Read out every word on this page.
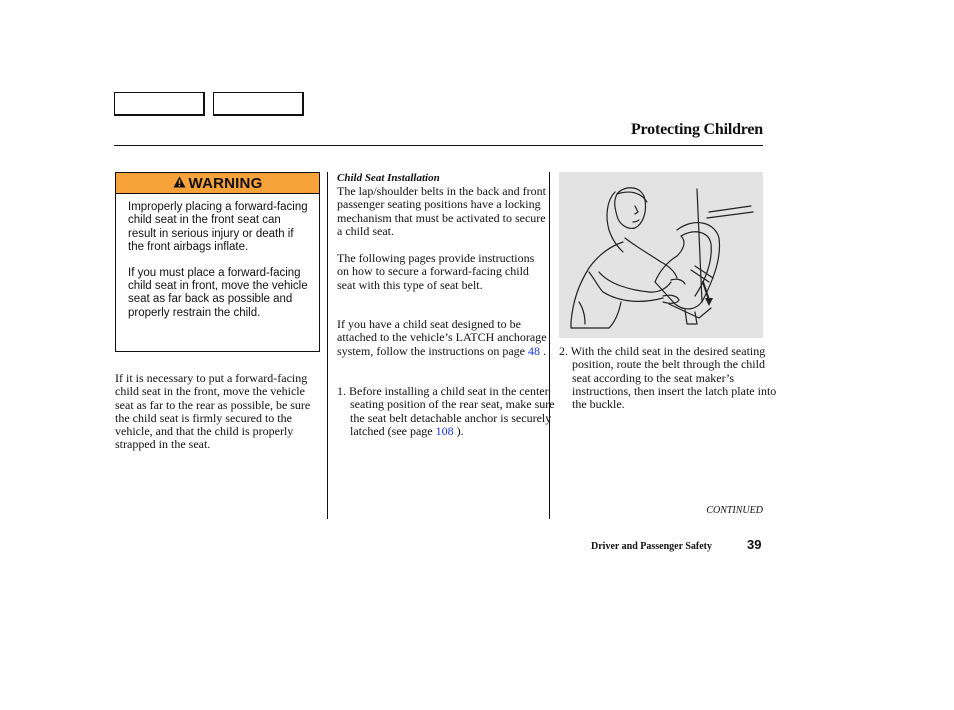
Protecting Children
WARNING

Improperly placing a forward-facing child seat in the front seat can result in serious injury or death if the front airbags inflate.

If you must place a forward-facing child seat in front, move the vehicle seat as far back as possible and properly restrain the child.

If it is necessary to put a forward-facing child seat in the front, move the vehicle seat as far to the rear as possible, be sure the child seat is firmly secured to the vehicle, and that the child is properly strapped in the seat.

Child Seat Installation

The lap/shoulder belts in the back and front passenger seating positions have a locking mechanism that must be activated to secure a child seat.

The following pages provide instructions on how to secure a forward-facing child seat with this type of seat belt.

If you have a child seat designed to be attached to the vehicle’s LATCH anchorage system, follow the instructions on page 48 .

1. Before installing a child seat in the center seating position of the rear seat, make sure the seat belt detachable anchor is securely latched (see page 108 ).

2. With the child seat in the desired seating position, route the belt through the child seat according to the seat maker’s instructions, then insert the latch plate into the buckle.

CONTINUED
Driver and Passenger Safety	39
